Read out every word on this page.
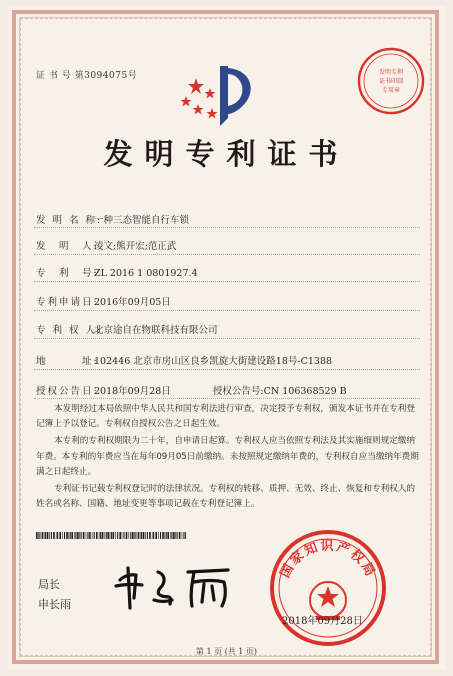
证 书 号 第3094075号	发明专利
证书印制
专用章
发明专利证书
发 明 名 称:一种三态智能自行车锁
发　明　人:凌文;熊开宏;范正武
专　利　号:ZL 2016 1 0801927.4
专利申请日:2016年09月05日
专 利 权 人:北京途自在物联科技有限公司
地　　　址:102446 北京市房山区良乡凯旋大街建设路18号-C1388
授权公告日:2018年09月28日	授权公告号:CN 106368529 B

本发明经过本局依照中华人民共和国专利法进行审查，决定授予专利权，颁发本证书并在专利登记簿上予以登记。专利权自授权公告之日起生效。

本专利的专利权期限为二十年，自申请日起算。专利权人应当依照专利法及其实施细则规定缴纳年费。本专利的年费应当在每年09月05日前缴纳。未按照规定缴纳年费的，专利权自应当缴纳年费期满之日起终止。

专利证书记载专利权登记时的法律状况。专利权的转移、质押、无效、终止、恢复和专利权人的姓名或名称、国籍、地址变更等事项记载在专利登记簿上。

局长
申长雨
国家知识产权局
2018年09月28日
第 1 页 (共 1 页)
